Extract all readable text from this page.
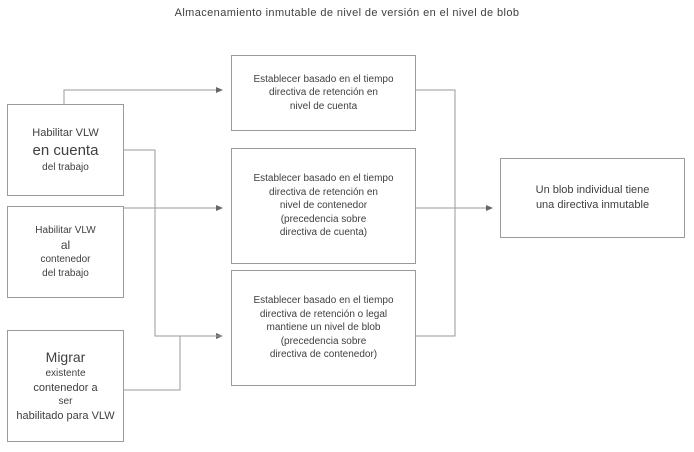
Almacenamiento inmutable de nivel de versión en el nivel de blob
Habilitar VLW
en cuenta
del trabajo
Habilitar VLW
al
contenedor
del trabajo
Migrar
existente
contenedor a
ser
habilitado para VLW
Establecer basado en el tiempo
directiva de retención en
nivel de cuenta
Establecer basado en el tiempo
directiva de retención en
nivel de contenedor
(precedencia sobre
directiva de cuenta)
Establecer basado en el tiempo
directiva de retención o legal
mantiene un nivel de blob
(precedencia sobre
directiva de contenedor)
Un blob individual tiene
una directiva inmutable
